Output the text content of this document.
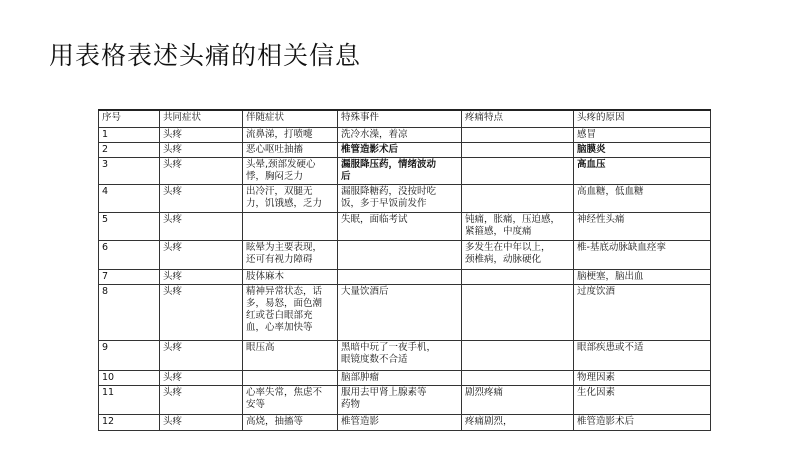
用表格表述头痛的相关信息
序号	共同症状	伴随症状	特殊事件	疼痛特点	头疼的原因
1	头疼	流鼻涕，打喷嚏	洗冷水澡，着凉		感冒
2	头疼	恶心呕吐抽搐	椎管造影术后		脑膜炎
3	头疼	头晕,颈部发硬心
悸，胸闷乏力	漏服降压药，情绪波动
后		高血压
4	头疼	出冷汗，双腿无
力，饥饿感，乏力	漏服降糖药，没按时吃
饭，多于早饭前发作		高血糖，低血糖
5	头疼		失眠，面临考试	钝痛，胀痛，压迫感，
紧箍感，中度痛	神经性头痛
6	头疼	眩晕为主要表现，
还可有视力障碍		多发生在中年以上，
颈椎病，动脉硬化	椎-基底动脉缺血痉挛
7	头疼	肢体麻木			脑梗塞，脑出血
8	头疼	精神异常状态，话
多，易怒，面色潮
红或苍白眼部充
血，心率加快等	大量饮酒后		过度饮酒
9	头疼	眼压高	黑暗中玩了一夜手机，
眼镜度数不合适		眼部疾患或不适
10	头疼		脑部肿瘤		物理因素
11	头疼	心率失常，焦虑不
安等	服用去甲肾上腺素等
药物	剧烈疼痛	生化因素
12	头疼	高烧，抽搐等	椎管造影	疼痛剧烈，	椎管造影术后
